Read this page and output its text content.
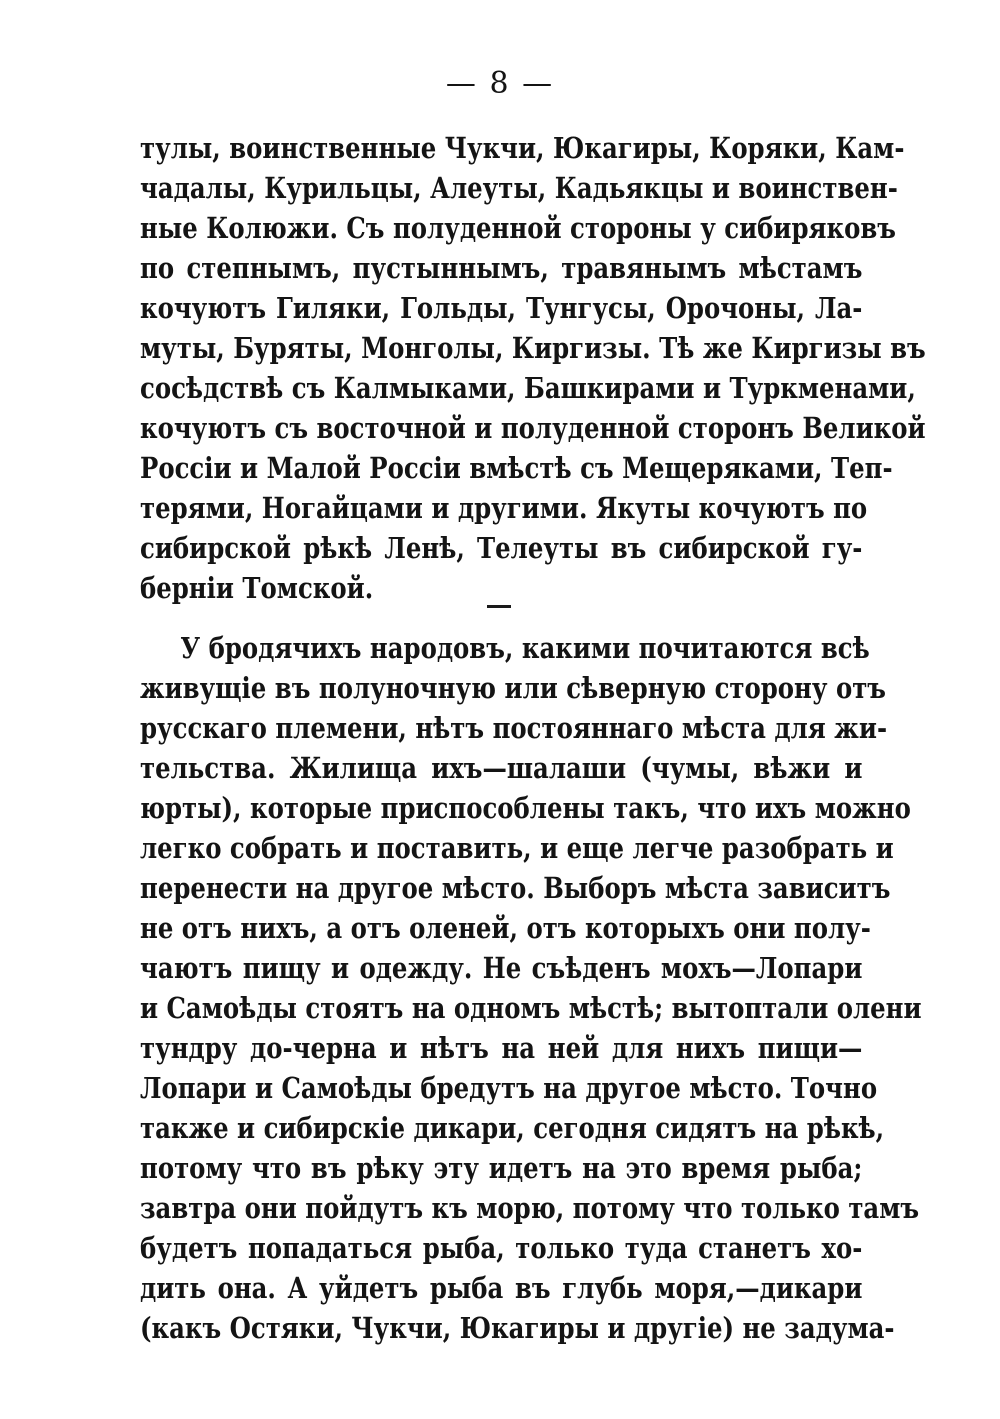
— 8 —
тулы, воинственные Чукчи, Юкагиры, Коряки, Кам-
чадалы, Курильцы, Алеуты, Кадьякцы и воинствен-
ные Колюжи. Съ полуденной стороны у сибиряковъ
по степнымъ, пустыннымъ, травянымъ мѣстамъ
кочуютъ Гиляки, Гольды, Тунгусы, Орочоны, Ла-
муты, Буряты, Монголы, Киргизы. Тѣ же Киргизы въ
сосѣдствѣ съ Калмыками, Башкирами и Туркменами,
кочуютъ съ восточной и полуденной сторонъ Великой
Россіи и Малой Россіи вмѣстѣ съ Мещеряками, Теп-
терями, Ногайцами и другими. Якуты кочуютъ по
сибирской рѣкѣ Ленѣ, Телеуты въ сибирской гу-
берніи Томской.
У бродячихъ народовъ, какими почитаются всѣ
живущіе въ полуночную или сѣверную сторону отъ
русскаго племени, нѣтъ постояннаго мѣста для жи-
тельства. Жилища ихъ—шалаши (чумы, вѣжи и
юрты), которые приспособлены такъ, что ихъ можно
легко собрать и поставить, и еще легче разобрать и
перенести на другое мѣсто. Выборъ мѣста зависитъ
не отъ нихъ, а отъ оленей, отъ которыхъ они полу-
чаютъ пищу и одежду. Не съѣденъ мохъ—Лопари
и Самоѣды стоятъ на одномъ мѣстѣ; вытоптали олени
тундру до-черна и нѣтъ на ней для нихъ пищи—
Лопари и Самоѣды бредутъ на другое мѣсто. Точно
также и сибирскіе дикари, сегодня сидятъ на рѣкѣ,
потому что въ рѣку эту идетъ на это время рыба;
завтра они пойдутъ къ морю, потому что только тамъ
будетъ попадаться рыба, только туда станетъ хо-
дить она. А уйдетъ рыба въ глубь моря,—дикари
(какъ Остяки, Чукчи, Юкагиры и другіе) не задума-
